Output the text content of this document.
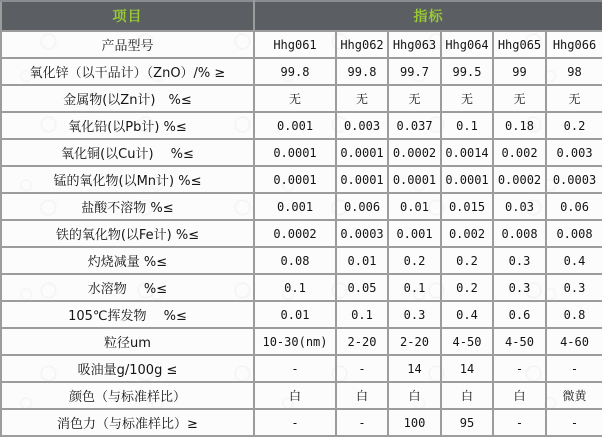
项目	指标					
产品型号	Hhg061	Hhg062	Hhg063	Hhg064	Hhg065	Hhg066
氧化锌（以干品计）（ZnO）/% ≥	99.8	99.8	99.7	99.5	99	98
金属物(以Zn计)　%≤	无	无	无	无	无	无
氧化铅(以Pb计) %≤	0.001	0.003	0.037	0.1	0.18	0.2
氧化铜(以Cu计)　 %≤	0.0001	0.0001	0.0002	0.0014	0.002	0.003
锰的氧化物(以Mn计) %≤	0.0001	0.0001	0.0001	0.0001	0.0002	0.0003
盐酸不溶物 %≤	0.001	0.006	0.01	0.015	0.03	0.06
铁的氧化物(以Fe计) %≤	0.0002	0.0003	0.001	0.002	0.008	0.008
灼烧减量 %≤	0.08	0.01	0.2	0.2	0.3	0.4
水溶物　 %≤	0.1	0.05	0.1	0.2	0.3	0.3
105℃挥发物　 %≤	0.01	0.1	0.3	0.4	0.6	0.8
粒径um	10-30(nm)	2-20	2-20	4-50	4-50	4-60
吸油量g/100g ≤	-	-	14	14	-	-
颜色（与标准样比）	白	白	白	白	白	微黄
消色力（与标准样比）≥	-	-	100	95	-	-
